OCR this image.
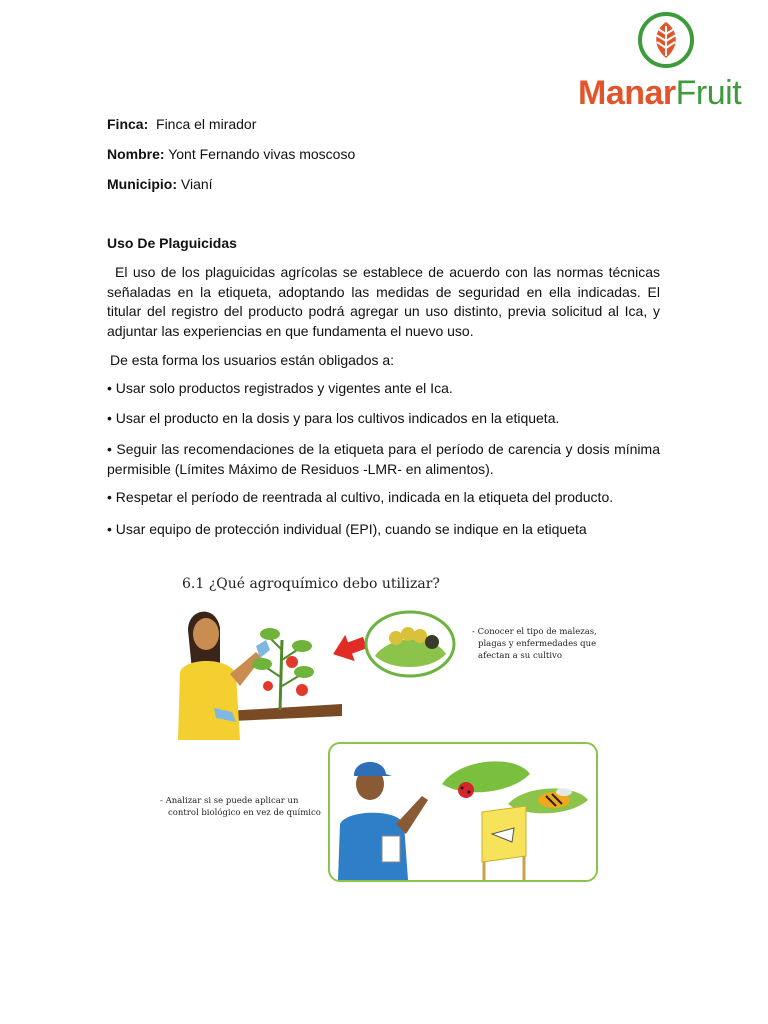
ManarFruit
Finca: Finca el mirador
Nombre: Yont Fernando vivas moscoso
Municipio: Vianí
Uso De Plaguicidas
El uso de los plaguicidas agrícolas se establece de acuerdo con las normas técnicas señaladas en la etiqueta, adoptando las medidas de seguridad en ella indicadas. El titular del registro del producto podrá agregar un uso distinto, previa solicitud al Ica, y adjuntar las experiencias en que fundamenta el nuevo uso.
De esta forma los usuarios están obligados a:
• Usar solo productos registrados y vigentes ante el Ica.
• Usar el producto en la dosis y para los cultivos indicados en la etiqueta.
• Seguir las recomendaciones de la etiqueta para el período de carencia y dosis mínima permisible (Límites Máximo de Residuos -LMR- en alimentos).
• Respetar el período de reentrada al cultivo, indicada en la etiqueta del producto.
• Usar equipo de protección individual (EPI), cuando se indique en la etiqueta
6.1 ¿Qué agroquímico debo utilizar?
- Conocer el tipo de malezas,
plagas y enfermedades que
afectan a su cultivo
- Analizar si se puede aplicar un
control biológico en vez de químico
